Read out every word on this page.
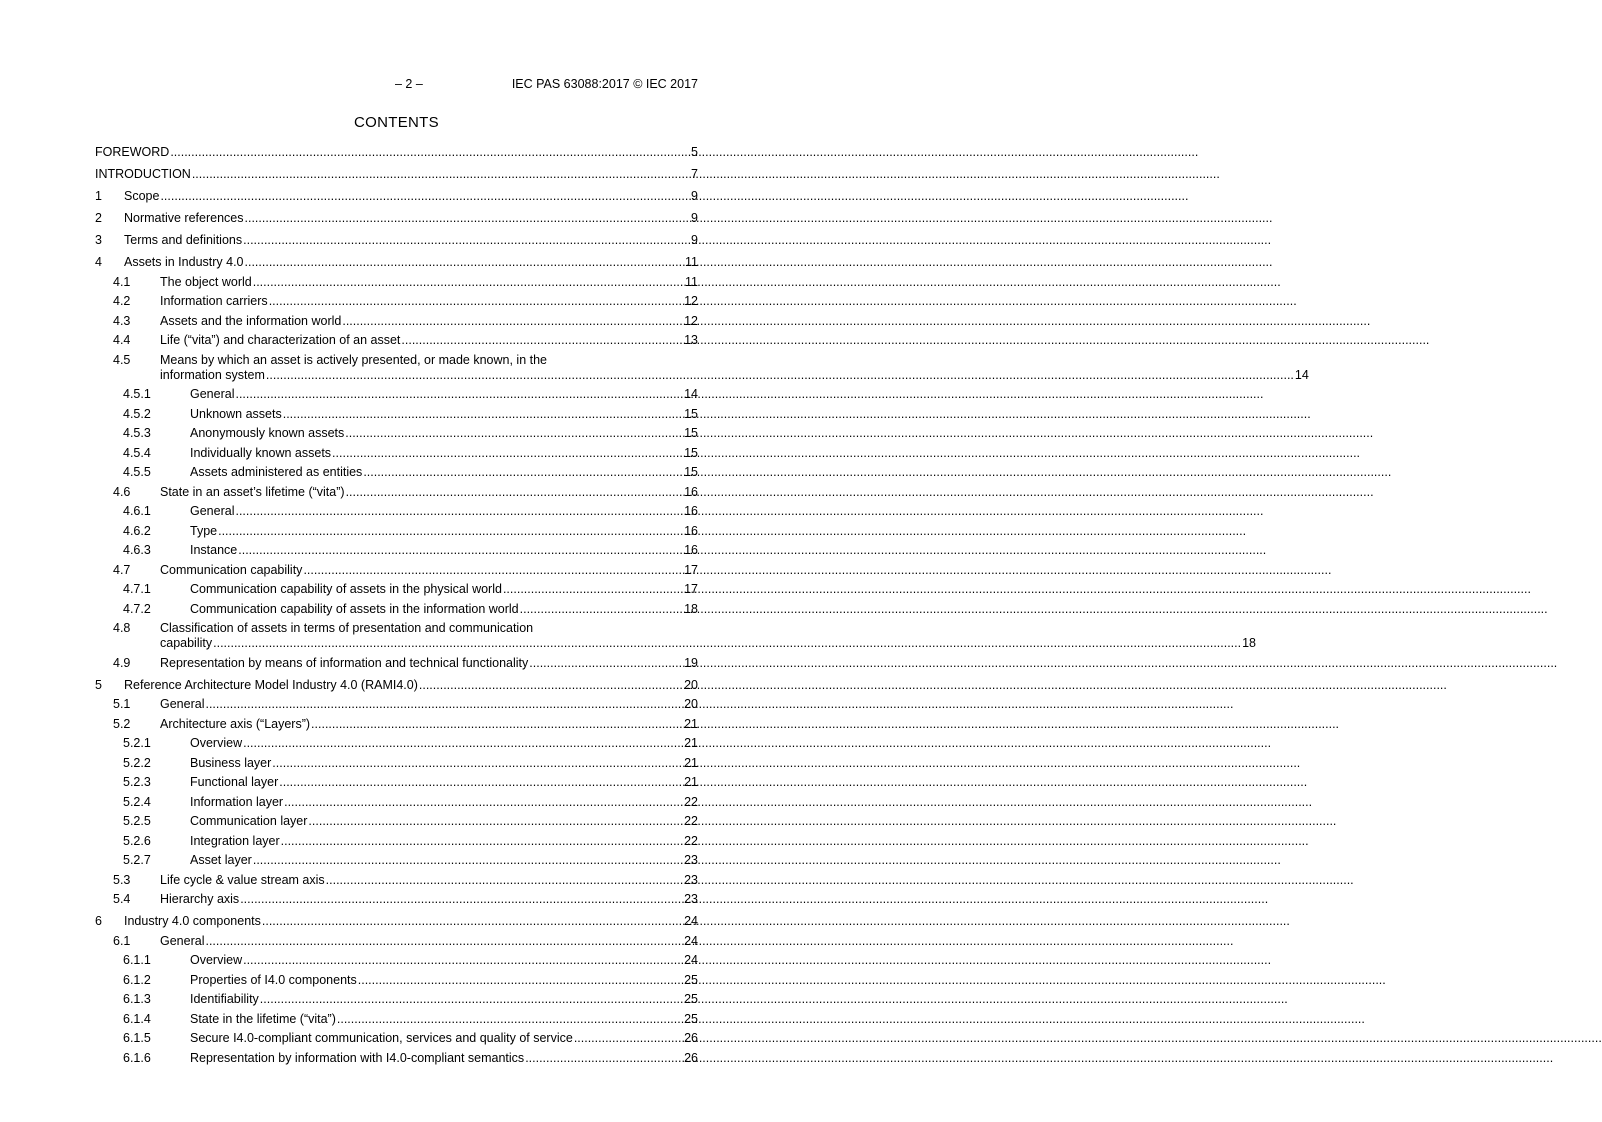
– 2 –	IEC PAS 63088:2017 © IEC 2017
CONTENTS
FOREWORD .....	5
INTRODUCTION .....	7
1 Scope .....	9
2 Normative references .....	9
3 Terms and definitions .....	9
4 Assets in Industry 4.0 .....	11
4.1 The object world .....	11
4.2 Information carriers .....	12
4.3 Assets and the information world .....	12
4.4 Life (“vita”) and characterization of an asset .....	13
4.5 Means by which an asset is actively presented, or made known, in the
information system .....	14
4.5.1	General .....	14
4.5.2	Unknown assets .....	15
4.5.3	Anonymously known assets .....	15
4.5.4	Individually known assets .....	15
4.5.5	Assets administered as entities .....	15
4.6 State in an asset’s lifetime (“vita”) .....	16
4.6.1	General .....	16
4.6.2	Type .....	16
4.6.3	Instance .....	16
4.7 Communication capability .....	17
4.7.1	Communication capability of assets in the physical world .....	17
4.7.2	Communication capability of assets in the information world .....	18
4.8 Classification of assets in terms of presentation and communication
capability .....	18
4.9 Representation by means of information and technical functionality .....	19
5 Reference Architecture Model Industry 4.0 (RAMI4.0) .....	20
5.1 General .....	20
5.2 Architecture axis (“Layers”) .....	21
5.2.1	Overview .....	21
5.2.2	Business layer .....	21
5.2.3	Functional layer .....	21
5.2.4	Information layer .....	22
5.2.5	Communication layer .....	22
5.2.6	Integration layer .....	22
5.2.7	Asset layer .....	23
5.3 Life cycle & value stream axis .....	23
5.4 Hierarchy axis .....	23
6 Industry 4.0 components .....	24
6.1 General .....	24
6.1.1	Overview .....	24
6.1.2	Properties of I4.0 components .....	25
6.1.3	Identifiability .....	25
6.1.4	State in the lifetime (“vita”) .....	25
6.1.5	Secure I4.0-compliant communication, services and quality of service .....	26
6.1.6	Representation by information with I4.0-compliant semantics .....	26
